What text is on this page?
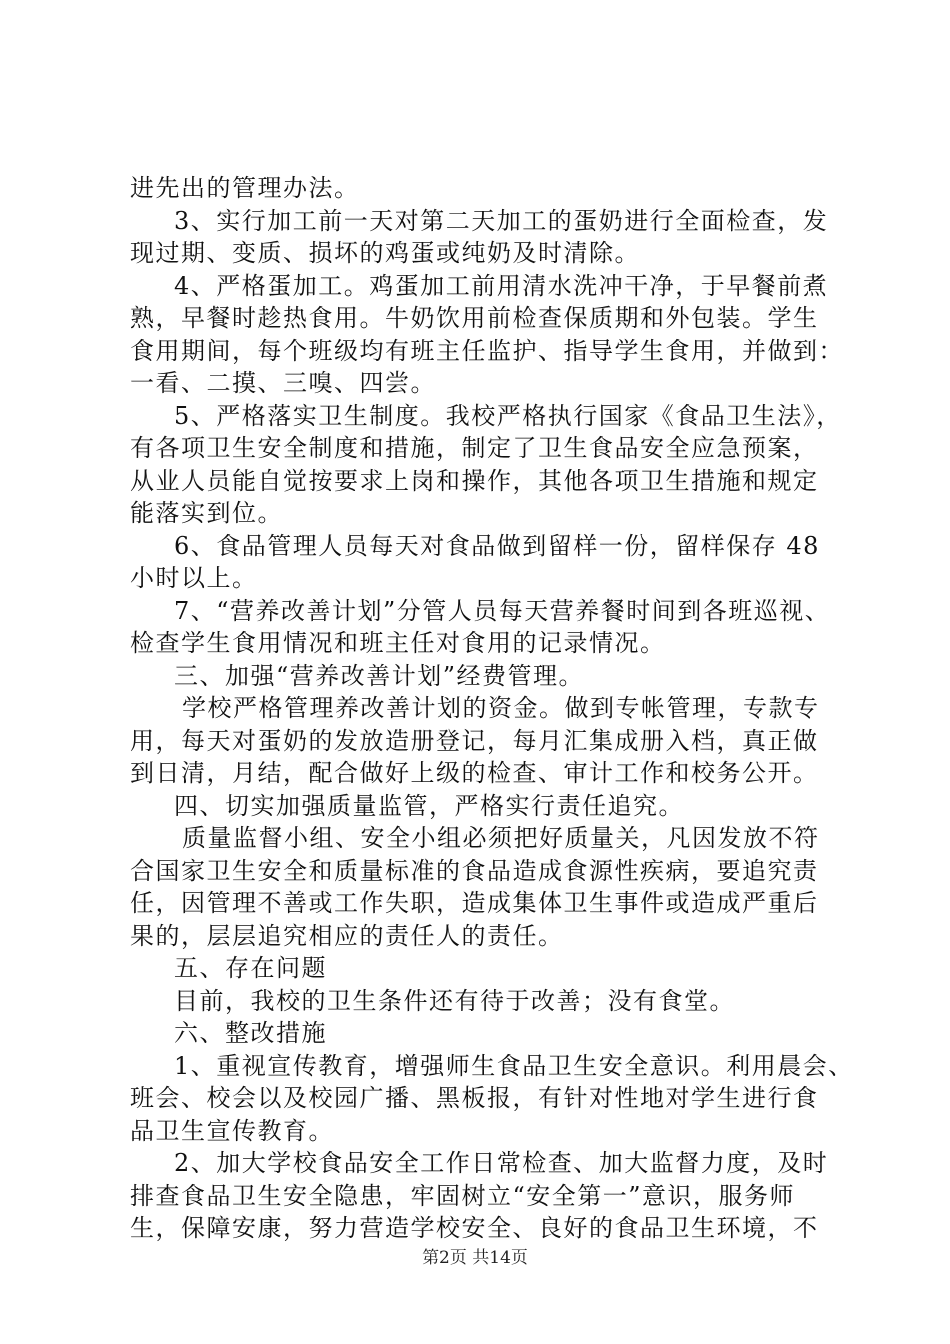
进先出的管理办法。
3、实行加工前一天对第二天加工的蛋奶进行全面检查，发
现过期、变质、损坏的鸡蛋或纯奶及时清除。
4、严格蛋加工。鸡蛋加工前用清水洗冲干净，于早餐前煮
熟，早餐时趁热食用。牛奶饮用前检查保质期和外包装。学生
食用期间，每个班级均有班主任监护、指导学生食用，并做到：
一看、二摸、三嗅、四尝。
5、严格落实卫生制度。我校严格执行国家《食品卫生法》，
有各项卫生安全制度和措施，制定了卫生食品安全应急预案，
从业人员能自觉按要求上岗和操作，其他各项卫生措施和规定
能落实到位。
6、食品管理人员每天对食品做到留样一份，留样保存 48
小时以上。
7、“营养改善计划”分管人员每天营养餐时间到各班巡视、
检查学生食用情况和班主任对食用的记录情况。
三、加强“营养改善计划”经费管理。
学校严格管理养改善计划的资金。做到专帐管理，专款专
用，每天对蛋奶的发放造册登记，每月汇集成册入档，真正做
到日清，月结，配合做好上级的检查、审计工作和校务公开。
四、切实加强质量监管，严格实行责任追究。
质量监督小组、安全小组必须把好质量关，凡因发放不符
合国家卫生安全和质量标准的食品造成食源性疾病，要追究责
任，因管理不善或工作失职，造成集体卫生事件或造成严重后
果的，层层追究相应的责任人的责任。
五、存在问题
目前，我校的卫生条件还有待于改善；没有食堂。
六、整改措施
1、重视宣传教育，增强师生食品卫生安全意识。利用晨会、
班会、校会以及校园广播、黑板报，有针对性地对学生进行食
品卫生宣传教育。
2、加大学校食品安全工作日常检查、加大监督力度，及时
排查食品卫生安全隐患，牢固树立“安全第一”意识，服务师
生，保障安康，努力营造学校安全、良好的食品卫生环境，不
第2页 共14页
